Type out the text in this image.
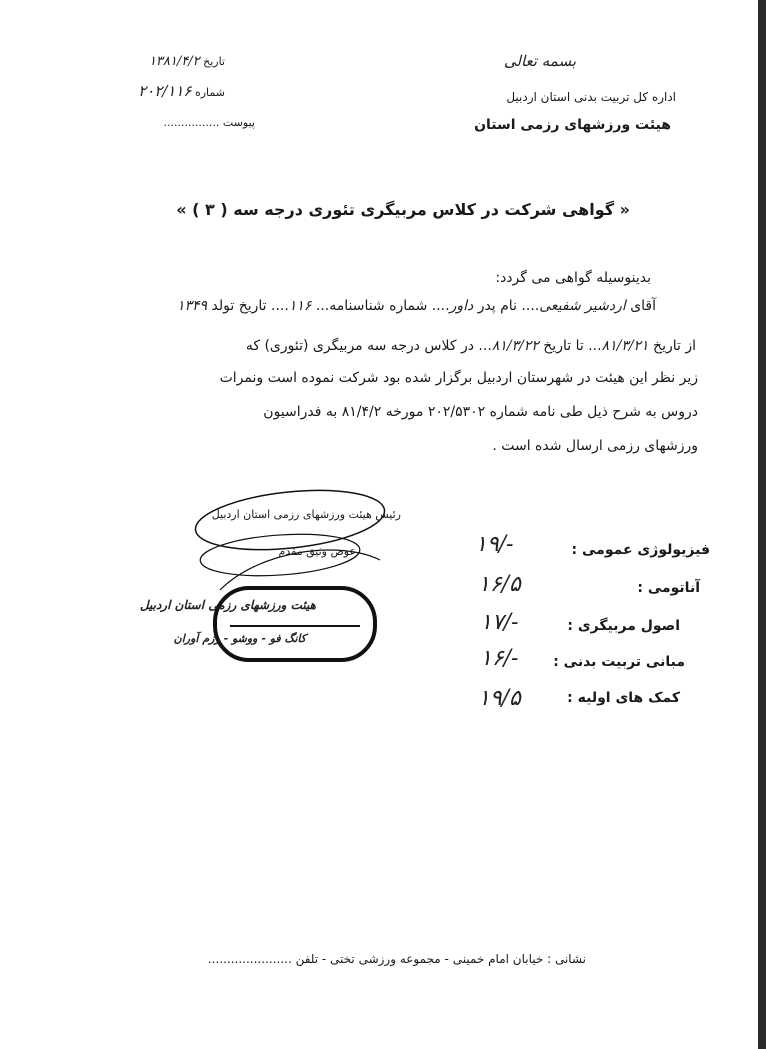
بسمه تعالی
اداره کل تربیت بدنی استان اردبیل
هیئت ورزشهای رزمی استان
تاریخ ۱۳۸۱/۴/۲
شماره ۲۰۲/۱۱۶
پیوست ................
« گواهی شرکت در کلاس مربیگری تئوری درجه سه ( ۳ ) »
بدینوسیله گواهی می گردد:
آقای اردشیر شفیعی.... نام پدر داور.... شماره شناسنامه... ۱۱۶.... تاریخ تولد ۱۳۴۹
از تاریخ ۸۱/۳/۲۱... تا تاریخ ۸۱/۳/۲۲... در کلاس درجه سه مربیگری (تئوری) که
زیر نظر این هیئت در شهرستان اردبیل برگزار شده بود شرکت نموده است ونمرات
دروس به شرح ذیل طی نامه شماره ۲۰۲/۵۳۰۲ مورخه ۸۱/۴/۲ به فدراسیون
ورزشهای رزمی ارسال شده است .
رئیس هیئت ورزشهای رزمی استان اردبیل
عوض وثیق مقدم
هیئت ورزشهای رزمی استان اردبیل
کانگ فو - ووشو - رزم آوران
فیزیولوژی عمومی :
۱۹/-
آناتومی :
۱۶/۵
اصول مربیگری :
۱۷/-
مبانی تربیت بدنی :
۱۶/-
کمک های اولیه :
۱۹/۵
نشانی : خیابان امام خمینی - مجموعه ورزشی تختی - تلفن ......................
